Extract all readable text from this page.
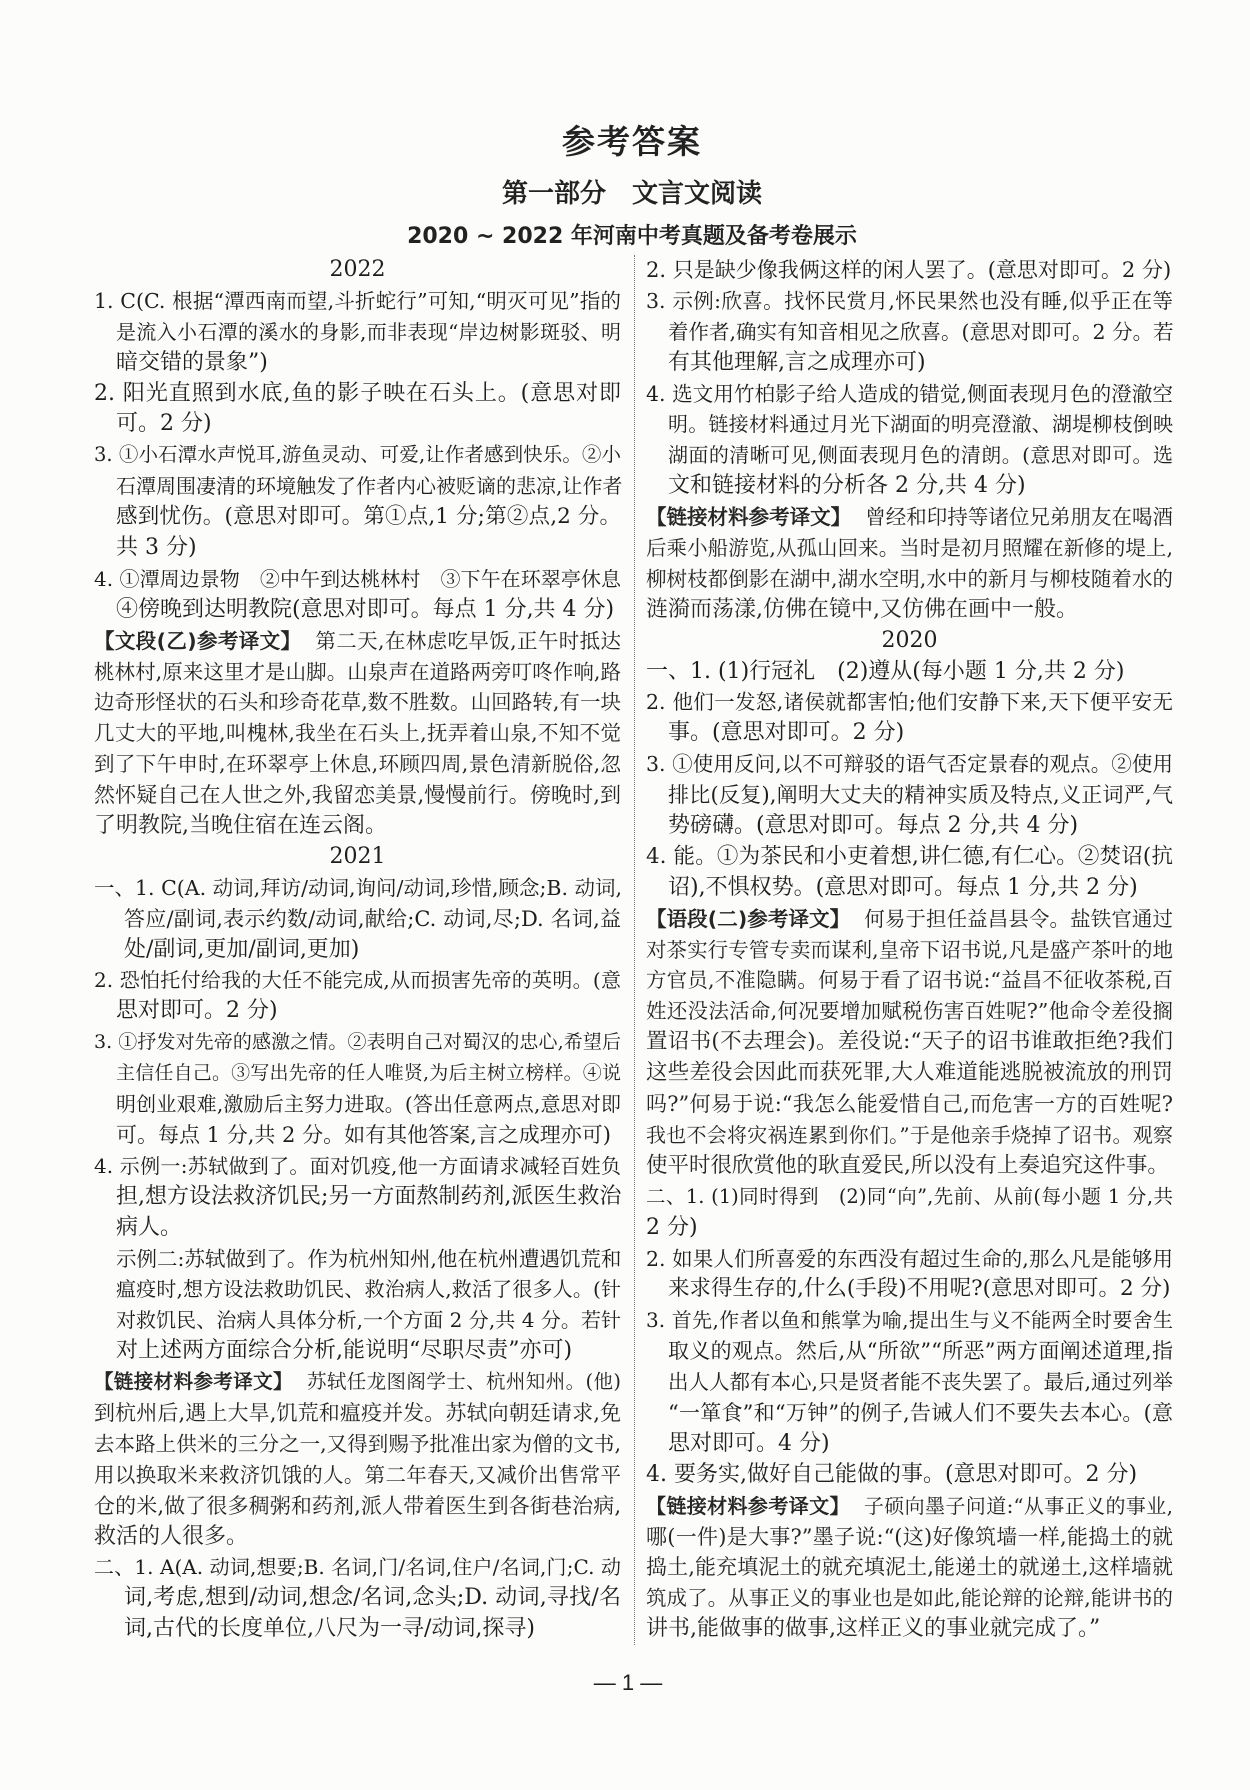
参考答案
第一部分　文言文阅读
2020 ~ 2022 年河南中考真题及备考卷展示
2022
1. C(C. 根据“潭西南而望,斗折蛇行”可知,“明灭可见”指的
是流入小石潭的溪水的身影,而非表现“岸边树影斑驳、明
暗交错的景象”)
2. 阳光直照到水底,鱼的影子映在石头上。(意思对即
可。2 分)
3. ①小石潭水声悦耳,游鱼灵动、可爱,让作者感到快乐。②小
石潭周围凄清的环境触发了作者内心被贬谪的悲凉,让作者
感到忧伤。(意思对即可。第①点,1 分;第②点,2 分。
共 3 分)
4. ①潭周边景物　②中午到达桃林村　③下午在环翠亭休息
④傍晚到达明教院(意思对即可。每点 1 分,共 4 分)
【文段(乙)参考译文】 第二天,在林虑吃早饭,正午时抵达
桃林村,原来这里才是山脚。山泉声在道路两旁叮咚作响,路
边奇形怪状的石头和珍奇花草,数不胜数。山回路转,有一块
几丈大的平地,叫槐林,我坐在石头上,抚弄着山泉,不知不觉
到了下午申时,在环翠亭上休息,环顾四周,景色清新脱俗,忽
然怀疑自己在人世之外,我留恋美景,慢慢前行。傍晚时,到
了明教院,当晚住宿在连云阁。
2021
一、1. C(A. 动词,拜访/动词,询问/动词,珍惜,顾念;B. 动词,
答应/副词,表示约数/动词,献给;C. 动词,尽;D. 名词,益
处/副词,更加/副词,更加)
2. 恐怕托付给我的大任不能完成,从而损害先帝的英明。(意
思对即可。2 分)
3. ①抒发对先帝的感激之情。②表明自己对蜀汉的忠心,希望后
主信任自己。③写出先帝的任人唯贤,为后主树立榜样。④说
明创业艰难,激励后主努力进取。(答出任意两点,意思对即
可。每点 1 分,共 2 分。如有其他答案,言之成理亦可)
4. 示例一:苏轼做到了。面对饥疫,他一方面请求减轻百姓负
担,想方设法救济饥民;另一方面熬制药剂,派医生救治
病人。
示例二:苏轼做到了。作为杭州知州,他在杭州遭遇饥荒和
瘟疫时,想方设法救助饥民、救治病人,救活了很多人。(针
对救饥民、治病人具体分析,一个方面 2 分,共 4 分。若针
对上述两方面综合分析,能说明“尽职尽责”亦可)
【链接材料参考译文】 苏轼任龙图阁学士、杭州知州。(他)
到杭州后,遇上大旱,饥荒和瘟疫并发。苏轼向朝廷请求,免
去本路上供米的三分之一,又得到赐予批准出家为僧的文书,
用以换取米来救济饥饿的人。第二年春天,又减价出售常平
仓的米,做了很多稠粥和药剂,派人带着医生到各街巷治病,
救活的人很多。
二、1. A(A. 动词,想要;B. 名词,门/名词,住户/名词,门;C. 动
词,考虑,想到/动词,想念/名词,念头;D. 动词,寻找/名
词,古代的长度单位,八尺为一寻/动词,探寻)
2. 只是缺少像我俩这样的闲人罢了。(意思对即可。2 分)
3. 示例:欣喜。找怀民赏月,怀民果然也没有睡,似乎正在等
着作者,确实有知音相见之欣喜。(意思对即可。2 分。若
有其他理解,言之成理亦可)
4. 选文用竹柏影子给人造成的错觉,侧面表现月色的澄澈空
明。链接材料通过月光下湖面的明亮澄澈、湖堤柳枝倒映
湖面的清晰可见,侧面表现月色的清朗。(意思对即可。选
文和链接材料的分析各 2 分,共 4 分)
【链接材料参考译文】 曾经和印持等诸位兄弟朋友在喝酒
后乘小船游览,从孤山回来。当时是初月照耀在新修的堤上,
柳树枝都倒影在湖中,湖水空明,水中的新月与柳枝随着水的
涟漪而荡漾,仿佛在镜中,又仿佛在画中一般。
2020
一、1. (1)行冠礼　(2)遵从(每小题 1 分,共 2 分)
2. 他们一发怒,诸侯就都害怕;他们安静下来,天下便平安无
事。(意思对即可。2 分)
3. ①使用反问,以不可辩驳的语气否定景春的观点。②使用
排比(反复),阐明大丈夫的精神实质及特点,义正词严,气
势磅礴。(意思对即可。每点 2 分,共 4 分)
4. 能。①为茶民和小吏着想,讲仁德,有仁心。②焚诏(抗
诏),不惧权势。(意思对即可。每点 1 分,共 2 分)
【语段(二)参考译文】 何易于担任益昌县令。盐铁官通过
对茶实行专管专卖而谋利,皇帝下诏书说,凡是盛产茶叶的地
方官员,不准隐瞒。何易于看了诏书说:“益昌不征收茶税,百
姓还没法活命,何况要增加赋税伤害百姓呢?”他命令差役搁
置诏书(不去理会)。差役说:“天子的诏书谁敢拒绝?我们
这些差役会因此而获死罪,大人难道能逃脱被流放的刑罚
吗?”何易于说:“我怎么能爱惜自己,而危害一方的百姓呢?
我也不会将灾祸连累到你们。”于是他亲手烧掉了诏书。观察
使平时很欣赏他的耿直爱民,所以没有上奏追究这件事。
二、1. (1)同时得到　(2)同“向”,先前、从前(每小题 1 分,共
2 分)
2. 如果人们所喜爱的东西没有超过生命的,那么凡是能够用
来求得生存的,什么(手段)不用呢?(意思对即可。2 分)
3. 首先,作者以鱼和熊掌为喻,提出生与义不能两全时要舍生
取义的观点。然后,从“所欲”“所恶”两方面阐述道理,指
出人人都有本心,只是贤者能不丧失罢了。最后,通过列举
“一箪食”和“万钟”的例子,告诫人们不要失去本心。(意
思对即可。4 分)
4. 要务实,做好自己能做的事。(意思对即可。2 分)
【链接材料参考译文】 子硕向墨子问道:“从事正义的事业,
哪(一件)是大事?”墨子说:“(这)好像筑墙一样,能捣土的就
捣土,能充填泥土的就充填泥土,能递土的就递土,这样墙就
筑成了。从事正义的事业也是如此,能论辩的论辩,能讲书的
讲书,能做事的做事,这样正义的事业就完成了。”
— 1 —
